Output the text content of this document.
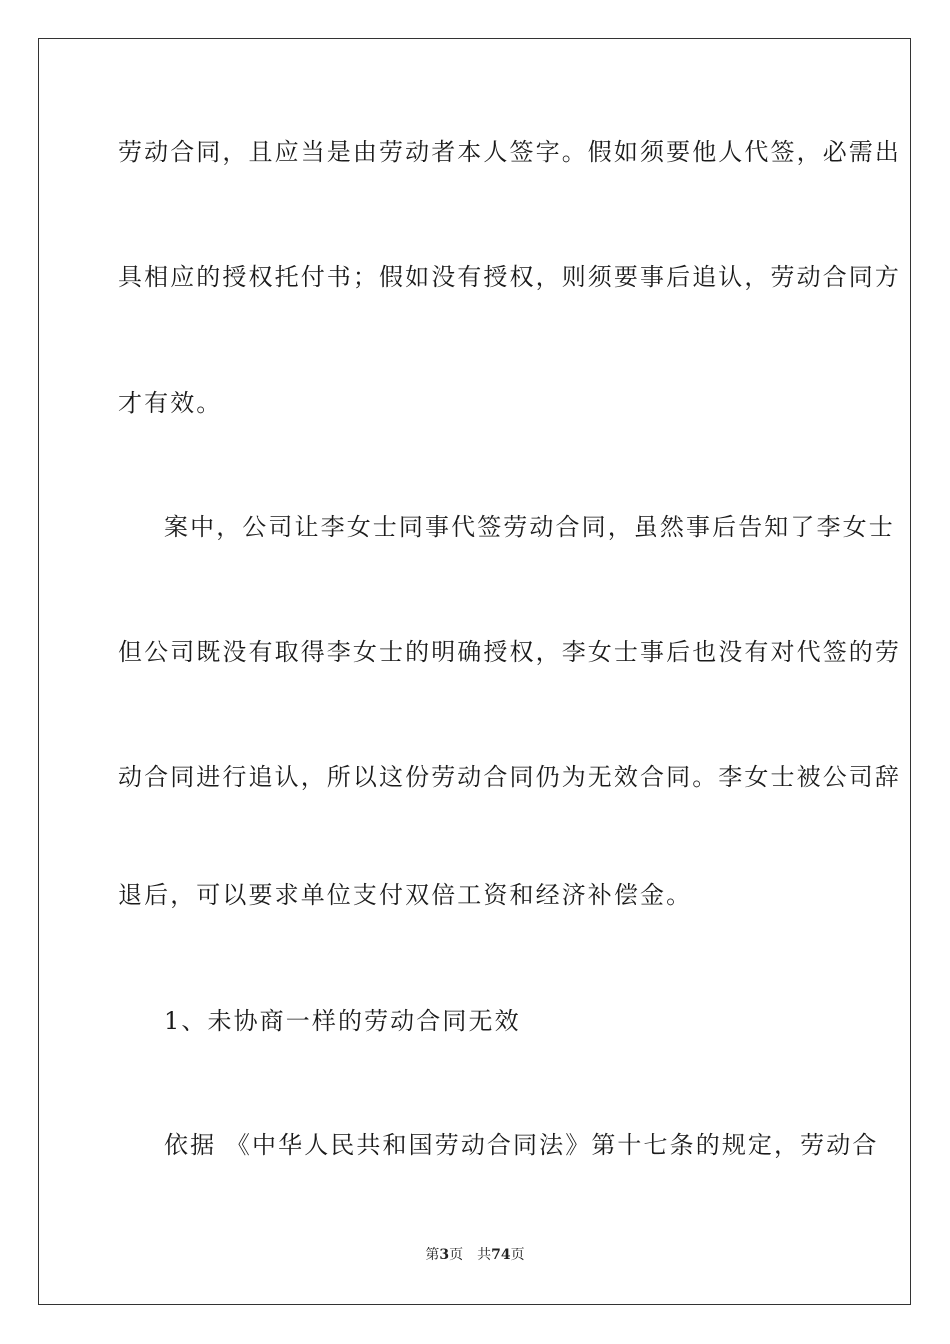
劳动合同，且应当是由劳动者本人签字。假如须要他人代签，必需出
具相应的授权托付书；假如没有授权，则须要事后追认，劳动合同方
才有效。
案中，公司让李女士同事代签劳动合同，虽然事后告知了李女士
但公司既没有取得李女士的明确授权，李女士事后也没有对代签的劳
动合同进行追认，所以这份劳动合同仍为无效合同。李女士被公司辞
退后，可以要求单位支付双倍工资和经济补偿金。
1、未协商一样的劳动合同无效
依据 《中华人民共和国劳动合同法》第十七条的规定，劳动合
第3页 共74页
